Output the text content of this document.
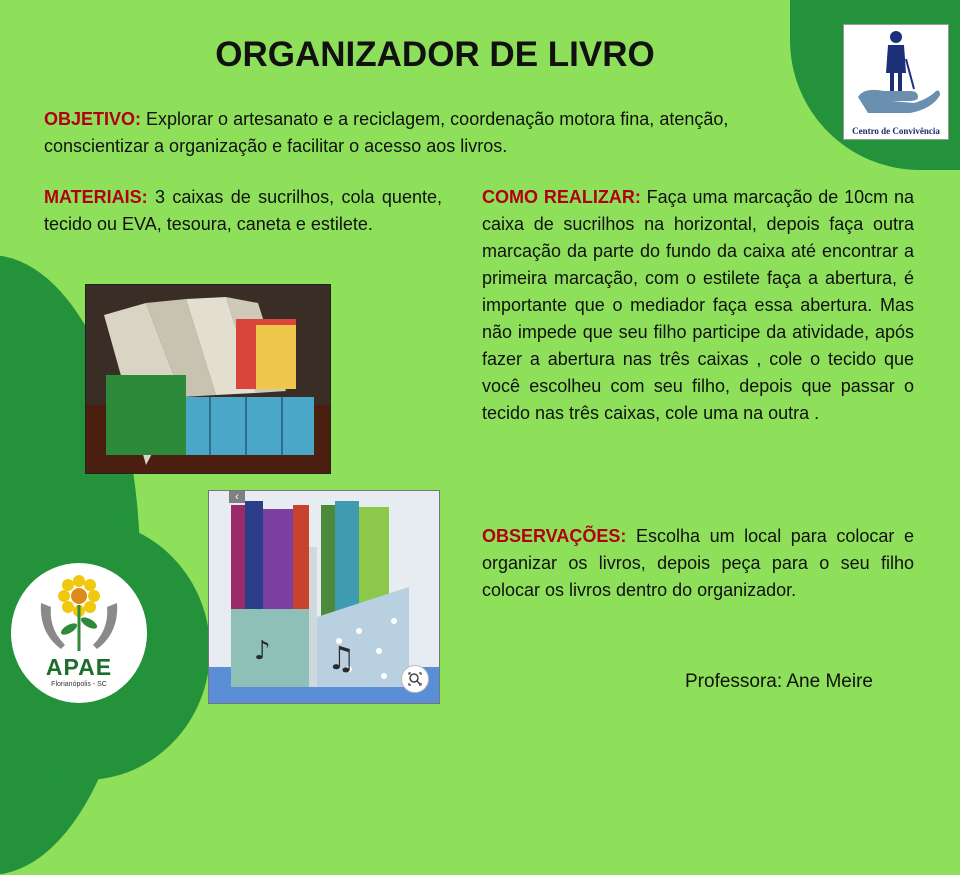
ORGANIZADOR DE LIVRO
Centro de Convivência

OBJETIVO: Explorar o artesanato e a reciclagem, coordenação motora fina, atenção, conscientizar a organização e facilitar o acesso aos livros.

MATERIAIS: 3 caixas de sucrilhos, cola quente, tecido ou EVA, tesoura, caneta e estilete.

COMO REALIZAR: Faça uma marcação de 10cm na caixa de sucrilhos na horizontal, depois faça outra marcação da parte do fundo da caixa até encontrar a primeira marcação, com o estilete faça a abertura, é importante que o mediador faça essa abertura. Mas não impede que seu filho participe da atividade, após fazer a abertura nas três caixas , cole o tecido que você escolheu com seu filho, depois que passar o tecido nas três caixas, cole uma na outra .

OBSERVAÇÕES: Escolha um local para colocar e organizar os livros, depois peça para o seu filho colocar os livros dentro do organizador.

♪ ♫
‹
APAE
Florianópolis - SC	Professora: Ane Meire
